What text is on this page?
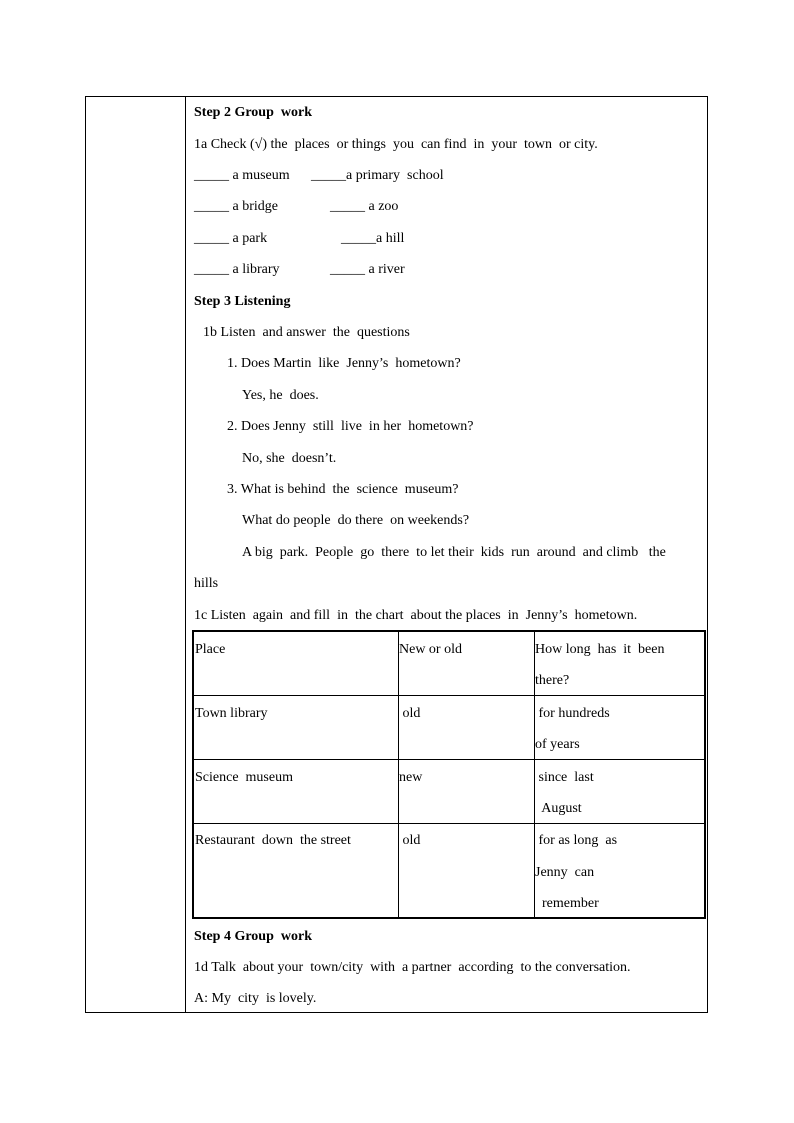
Step 2 Group  work
1a Check (√) the  places  or things  you  can find  in  your  town  or city.
_____ a museum _____a primary  school
_____ a bridge	_____ a zoo
_____ a park	_____a hill
_____ a library	_____ a river
Step 3 Listening
1b Listen  and answer  the  questions
1. Does Martin  like  Jenny’s  hometown?
Yes, he  does.
2. Does Jenny  still  live  in her  hometown?
No, she  doesn’t.
3. What is behind  the  science  museum?
What do people  do there  on weekends?
A big  park.  People  go  there  to let their  kids  run  around  and climb   the
hills
1c Listen  again  and fill  in  the chart  about the places  in  Jenny’s  hometown.
Place	New or old	How long  has  it  been
there?
Town library	old	for hundreds
of years
Science  museum	new	since  last
August
Restaurant  down  the street	old	for as long  as
Jenny  can
remember
Step 4 Group  work
1d Talk  about your  town/city  with  a partner  according  to the conversation.
A: My  city  is lovely.
